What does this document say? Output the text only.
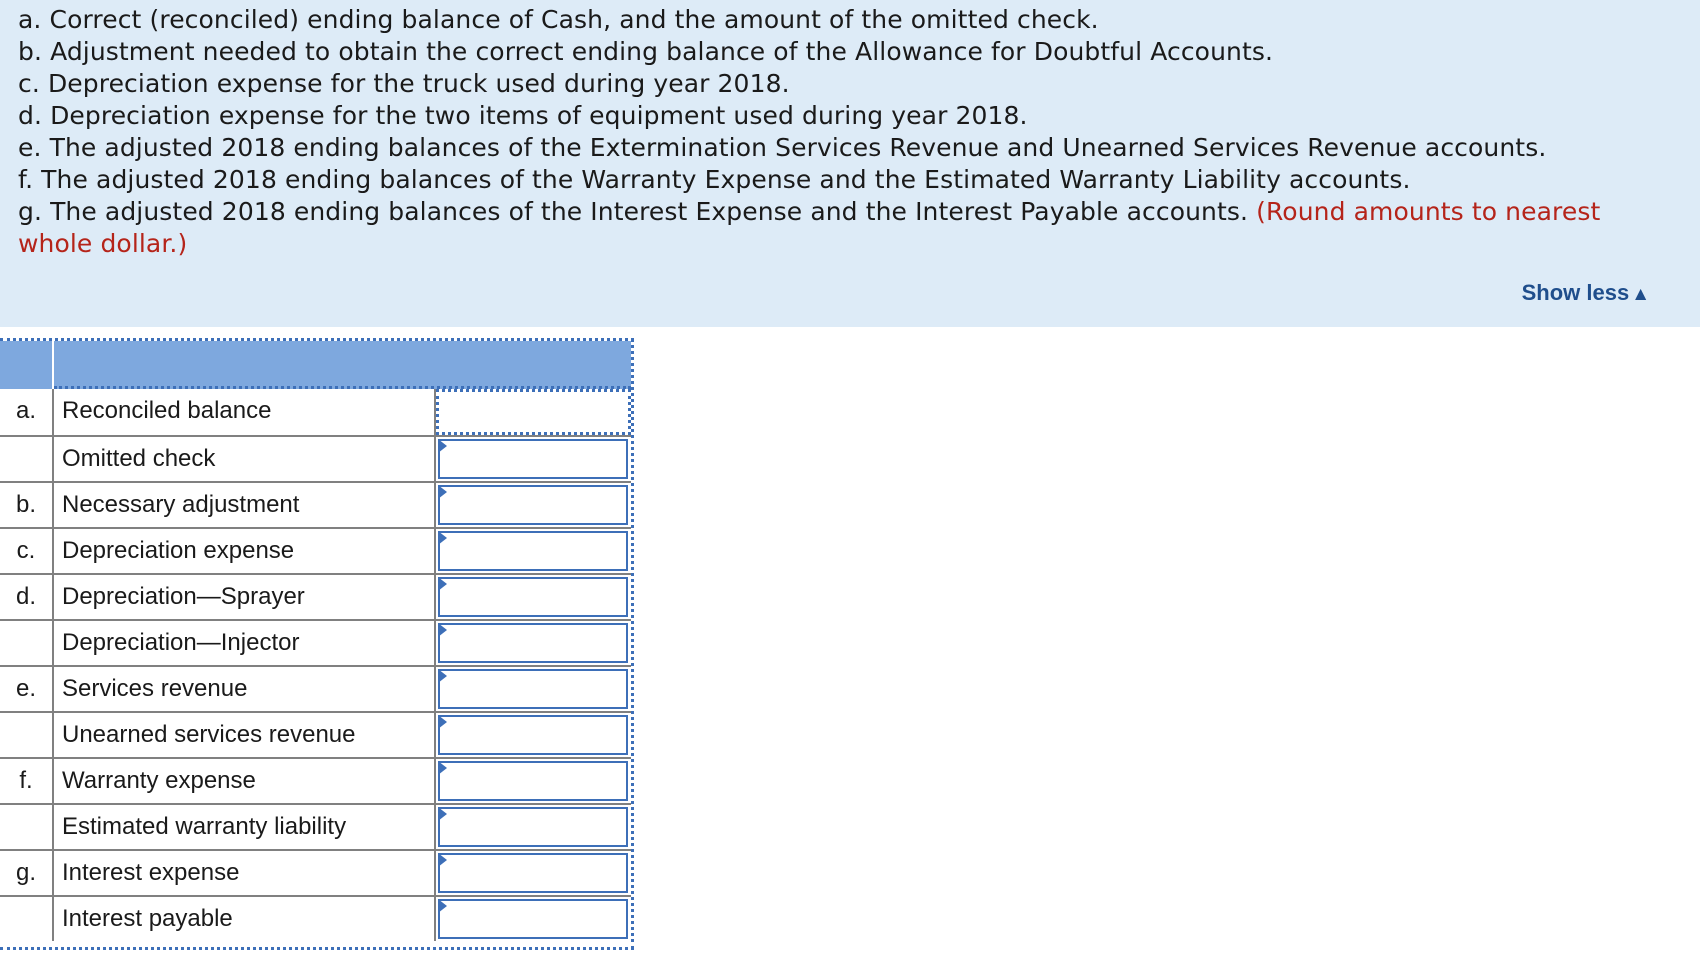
a. Correct (reconciled) ending balance of Cash, and the amount of the omitted check.
b. Adjustment needed to obtain the correct ending balance of the Allowance for Doubtful Accounts.
c. Depreciation expense for the truck used during year 2018.
d. Depreciation expense for the two items of equipment used during year 2018.
e. The adjusted 2018 ending balances of the Extermination Services Revenue and Unearned Services Revenue accounts.
f. The adjusted 2018 ending balances of the Warranty Expense and the Estimated Warranty Liability accounts.
g. The adjusted 2018 ending balances of the Interest Expense and the Interest Payable accounts. (Round amounts to nearest whole dollar.)
Show less ▲
a.	Reconciled balance
Omitted check
b.	Necessary adjustment
c.	Depreciation expense
d.	Depreciation—Sprayer
Depreciation—Injector
e.	Services revenue
Unearned services revenue
f.	Warranty expense
Estimated warranty liability
g.	Interest expense
Interest payable
